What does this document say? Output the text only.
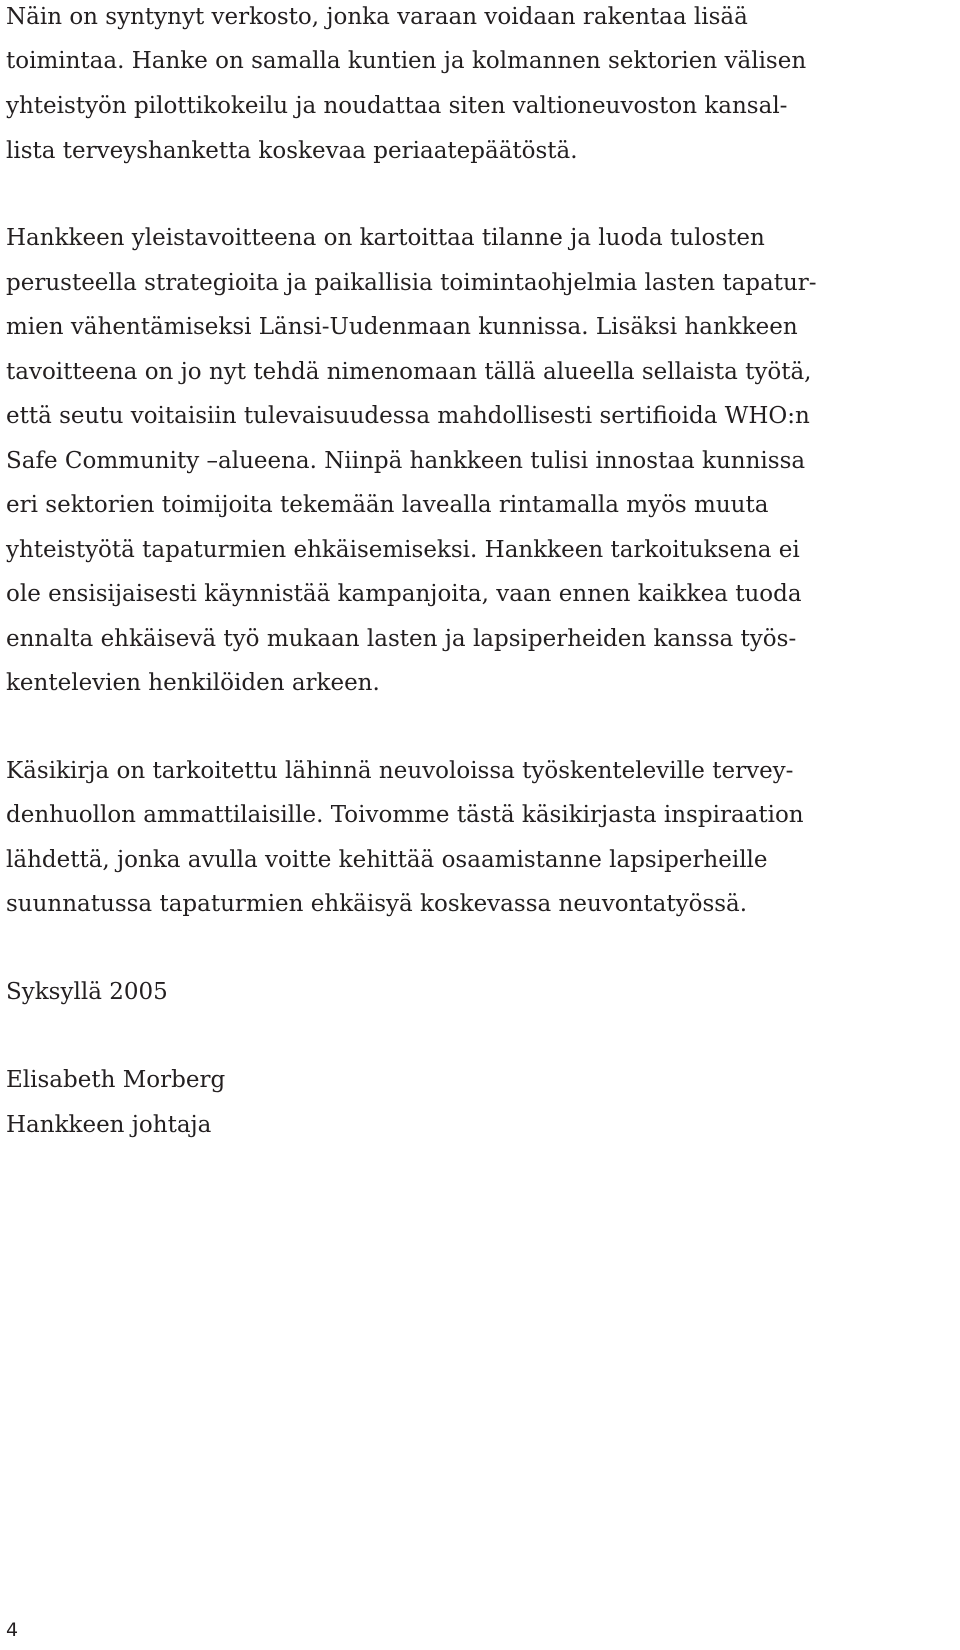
Näin on syntynyt verkosto, jonka varaan voidaan rakentaa lisää
toimintaa. Hanke on samalla kuntien ja kolmannen sektorien välisen
yhteistyön pilottikokeilu ja noudattaa siten valtioneuvoston kansal-
lista terveyshanketta koskevaa periaatepäätöstä.
Hankkeen yleistavoitteena on kartoittaa tilanne ja luoda tulosten
perusteella strategioita ja paikallisia toimintaohjelmia lasten tapatur-
mien vähentämiseksi Länsi-Uudenmaan kunnissa. Lisäksi hankkeen
tavoitteena on jo nyt tehdä nimenomaan tällä alueella sellaista työtä,
että seutu voitaisiin tulevaisuudessa mahdollisesti sertifioida WHO:n
Safe Community –alueena. Niinpä hankkeen tulisi innostaa kunnissa
eri sektorien toimijoita tekemään lavealla rintamalla myös muuta
yhteistyötä tapaturmien ehkäisemiseksi. Hankkeen tarkoituksena ei
ole ensisijaisesti käynnistää kampanjoita, vaan ennen kaikkea tuoda
ennalta ehkäisevä työ mukaan lasten ja lapsiperheiden kanssa työs-
kentelevien henkilöiden arkeen.
Käsikirja on tarkoitettu lähinnä neuvoloissa työskenteleville tervey-
denhuollon ammattilaisille. Toivomme tästä käsikirjasta inspiraation
lähdettä, jonka avulla voitte kehittää osaamistanne lapsiperheille
suunnatussa tapaturmien ehkäisyä koskevassa neuvontatyössä.
Syksyllä 2005
Elisabeth Morberg
Hankkeen johtaja
4
